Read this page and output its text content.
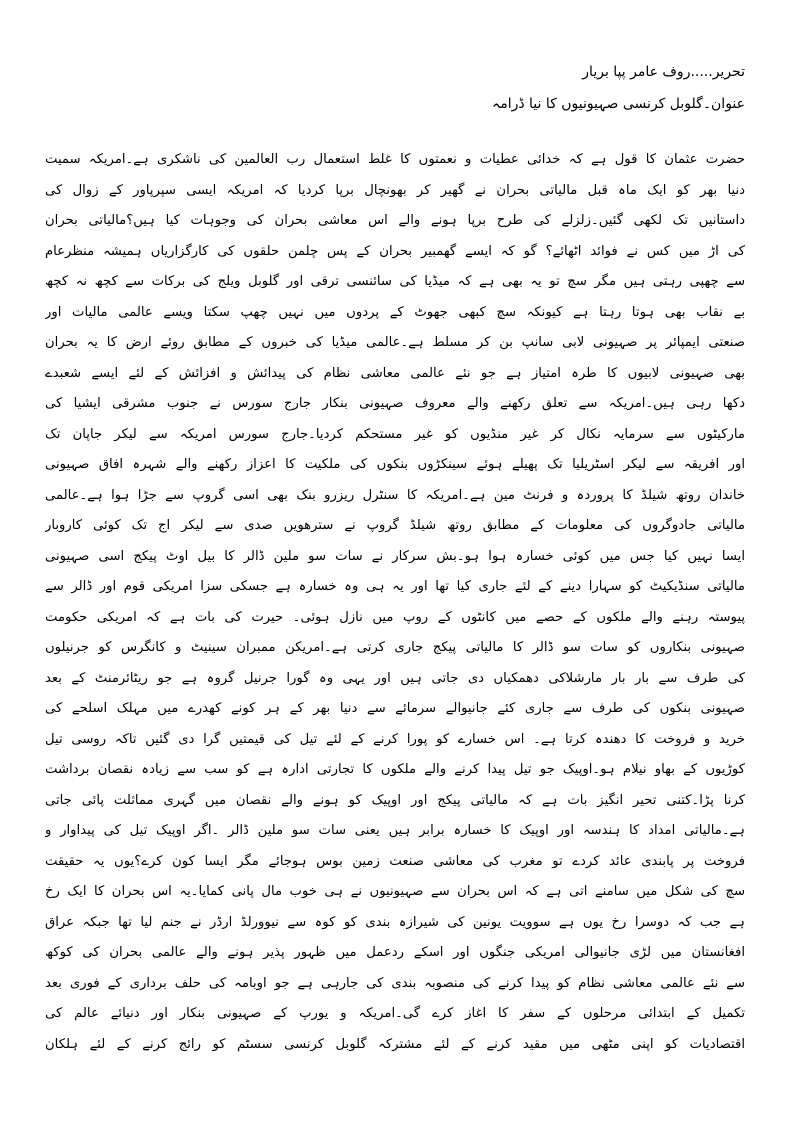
تحریر.....روف عامر پپا بریار
عنوان۔گلوبل کرنسی صہیونیوں کا نیا ڈرامہ
حضرت عثمان کا قول ہے کہ خدائی عطیات و نعمتوں کا غلط استعمال رب العالمین کی ناشکری ہے۔امریکہ سمیت
دنیا بھر کو ایک ماہ قبل مالیاتی بحران نے گھیر کر بھونچال برپا کردیا کہ امریکہ ایسی سپرپاور کے زوال کی
داستانیں تک لکھی گئیں۔زلزلے کی طرح برپا ہونے والے اس معاشی بحران کی وجوہات کیا ہیں؟مالیاتی بحران
کی اڑ میں کس نے فوائد اٹھائے؟ گو کہ ایسے گھمبیر بحران کے پس چلمن حلقوں کی کارگزاریاں ہمیشہ منظرعام
سے چھپی رہتی ہیں مگر سچ تو یہ بھی ہے کہ میڈیا کی سائنسی ترقی اور گلوبل ویلج کی برکات سے کچھ نہ کچھ
بے نقاب بھی ہوتا رہتا ہے کیونکہ سچ کبھی جھوٹ کے پردوں میں نہیں چھپ سکتا ویسے عالمی مالیات اور
صنعتی ایمپائر پر صہیونی لابی سانپ بن کر مسلط ہے۔عالمی میڈیا کی خبروں کے مطابق روئے ارض کا یہ بحران
بھی صہیونی لابیوں کا طرہ امتیاز ہے جو نئے عالمی معاشی نظام کی پیدائش و افزائش کے لئے ایسے شعبدے
دکھا رہی ہیں۔امریکہ سے تعلق رکھنے والے معروف صہیونی بنکار جارج سورس نے جنوب مشرقی ایشیا کی
مارکیٹوں سے سرمایہ نکال کر غیر منڈیوں کو غیر مستحکم کردیا۔جارج سورس امریکہ سے لیکر جاپان تک
اور افریقہ سے لیکر اسٹریلیا تک پھیلے ہوئے سینکڑوں بنکوں کی ملکیت کا اعزاز رکھنے والے شہرہ افاق صہیونی
خاندان روتھ شیلڈ کا پروردہ و فرنٹ مین ہے۔امریکہ کا سنٹرل ریزرو بنک بھی اسی گروپ سے جڑا ہوا ہے۔عالمی
مالیاتی جادوگروں کی معلومات کے مطابق روتھ شیلڈ گروپ نے سترھویں صدی سے لیکر اج تک کوئی کاروبار
ایسا نہیں کیا جس میں کوئی خسارہ ہوا ہو۔بش سرکار نے سات سو ملین ڈالر کا بیل اوٹ پیکج اسی صہیونی
مالیاتی سنڈیکیٹ کو سہارا دینے کے لئے جاری کیا تھا اور یہ ہی وہ خسارہ ہے جسکی سزا امریکی قوم اور ڈالر سے
پیوستہ رہنے والے ملکوں کے حصے میں کانٹوں کے روپ میں نازل ہوئی۔ حیرت کی بات ہے کہ امریکی حکومت
صہیونی بنکاروں کو سات سو ڈالر کا مالیاتی پیکج جاری کرتی ہے۔امریکن ممبران سینیٹ و کانگرس کو جرنیلوں
کی طرف سے بار بار مارشلاکی دھمکیاں دی جاتی ہیں اور یہی وہ گورا جرنیل گروہ ہے جو ریٹائرمنٹ کے بعد
صہیونی بنکوں کی طرف سے جاری کئے جانیوالے سرمائے سے دنیا بھر کے ہر کونے کھدرے میں مہلک اسلحے کی
خرید و فروخت کا دھندہ کرتا ہے۔ اس خسارے کو پورا کرنے کے لئے تیل کی قیمتیں گرا دی گئیں تاکہ روسی تیل
کوڑیوں کے بھاو نیلام ہو۔اوپیک جو تیل پیدا کرنے والے ملکوں کا تجارتی ادارہ ہے کو سب سے زیادہ نقصان برداشت
کرنا پڑا۔کتنی تحیر انگیز بات ہے کہ مالیاتی پیکج اور اوپیک کو ہونے والے نقصان میں گہری مماثلت پائی جاتی
ہے۔مالیاتی امداد کا ہندسہ اور اوپیک کا خسارہ برابر ہیں یعنی سات سو ملین ڈالر ۔اگر اوپیک تیل کی پیداوار و
فروخت پر پابندی عائد کردے تو مغرب کی معاشی صنعت زمین بوس ہوجائے مگر ایسا کون کرے؟یوں یہ حقیقت
سچ کی شکل میں سامنے اتی ہے کہ اس بحران سے صہیونیوں نے ہی خوب مال پانی کمایا۔یہ اس بحران کا ایک رخ
ہے جب کہ دوسرا رخ یوں ہے سوویت یونین کی شیرازہ بندی کو کوہ سے نیوورلڈ ارڈر نے جنم لیا تھا جبکہ عراق
افغانستان میں لڑی جانیوالی امریکی جنگوں اور اسکے ردعمل میں ظہور پذیر ہونے والے عالمی بحران کی کوکھ
سے نئے عالمی معاشی نظام کو پیدا کرنے کی منصوبہ بندی کی جارہی ہے جو اوبامہ کی حلف برداری کے فوری بعد
تکمیل کے ابتدائی مرحلوں کے سفر کا اغاز کرے گی۔امریکہ و یورپ کے صہیونی بنکار اور دنیائے عالم کی
اقتصادیات کو اپنی مٹھی میں مقید کرنے کے لئے مشترکہ گلوبل کرنسی سسٹم کو رائج کرنے کے لئے ہلکان
